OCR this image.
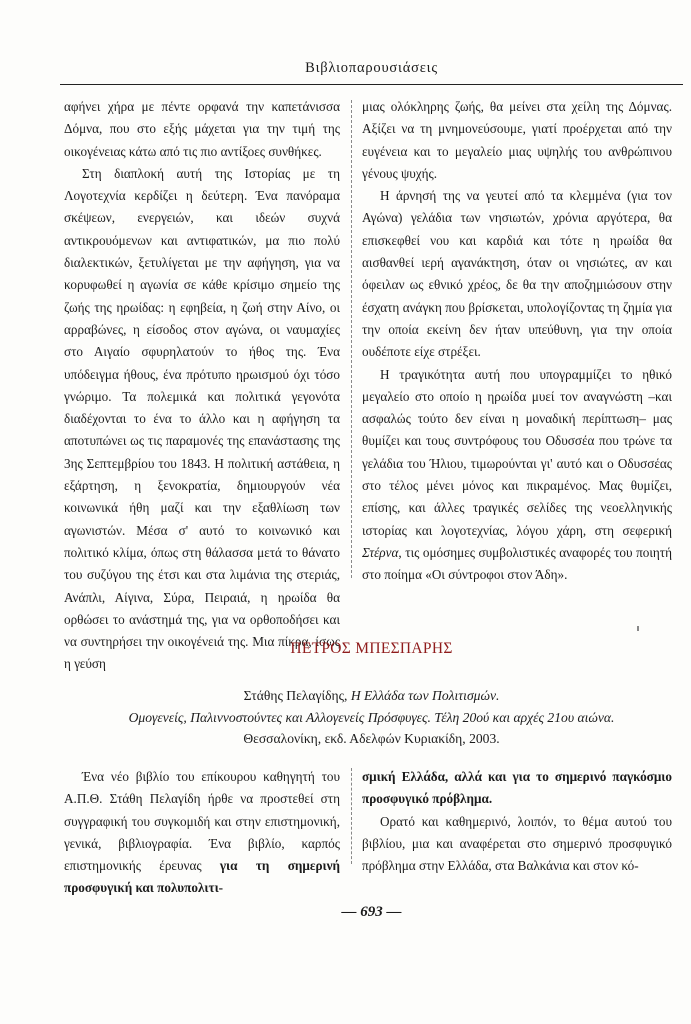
Βιβλιοπαρουσιάσεις

αφήνει χήρα με πέντε ορφανά την καπετάνισσα Δόμνα, που στο εξής μάχεται για την τιμή της οικογένειας κάτω από τις πιο αντίξοες συνθήκες.

Στη διαπλοκή αυτή της Ιστορίας με τη Λογοτεχνία κερδίζει η δεύτερη. Ένα πανόραμα σκέψεων, ενεργειών, και ιδεών συχνά αντικρουόμενων και αντιφατικών, μα πιο πολύ διαλεκτικών, ξετυλίγεται με την αφήγηση, για να κορυφωθεί η αγωνία σε κάθε κρίσιμο σημείο της ζωής της ηρωίδας: η εφηβεία, η ζωή στην Αίνο, οι αρραβώνες, η είσοδος στον αγώνα, οι ναυμαχίες στο Αιγαίο σφυρηλατούν το ήθος της. Ένα υπόδειγμα ήθους, ένα πρότυπο ηρωισμού όχι τόσο γνώριμο. Τα πολεμικά και πολιτικά γεγονότα διαδέχονται το ένα το άλλο και η αφήγηση τα αποτυπώνει ως τις παραμονές της επανάστασης της 3ης Σεπτεμβρίου του 1843. Η πολιτική αστάθεια, η εξάρτηση, η ξενοκρατία, δημιουργούν νέα κοινωνικά ήθη μαζί και την εξαθλίωση των αγωνιστών. Μέσα σ' αυτό το κοινωνικό και πολιτικό κλίμα, όπως στη θάλασσα μετά το θάνατο του συζύγου της έτσι και στα λιμάνια της στεριάς, Ανάπλι, Αίγινα, Σύρα, Πειραιά, η ηρωίδα θα ορθώσει το ανάστημά της, για να ορθοποδήσει και να συντηρήσει την οικογένειά της. Μια πίκρα, ίσως η γεύση

μιας ολόκληρης ζωής, θα μείνει στα χείλη της Δόμνας. Αξίζει να τη μνημονεύσουμε, γιατί προέρχεται από την ευγένεια και το μεγαλείο μιας υψηλής του ανθρώπινου γένους ψυχής.

Η άρνησή της να γευτεί από τα κλεμμένα (για τον Αγώνα) γελάδια των νησιωτών, χρόνια αργότερα, θα επισκεφθεί νου και καρδιά και τότε η ηρωίδα θα αισθανθεί ιερή αγανάκτηση, όταν οι νησιώτες, αν και όφειλαν ως εθνικό χρέος, δε θα την αποζημιώσουν στην έσχατη ανάγκη που βρίσκεται, υπολογίζοντας τη ζημία για την οποία εκείνη δεν ήταν υπεύθυνη, για την οποία ουδέποτε είχε στρέξει.

Η τραγικότητα αυτή που υπογραμμίζει το ηθικό μεγαλείο στο οποίο η ηρωίδα μυεί τον αναγνώστη –και ασφαλώς τούτο δεν είναι η μοναδική περίπτωση– μας θυμίζει και τους συντρόφους του Οδυσσέα που τρώνε τα γελάδια του Ήλιου, τιμωρούνται γι' αυτό και ο Οδυσσέας στο τέλος μένει μόνος και πικραμένος. Μας θυμίζει, επίσης, και άλλες τραγικές σελίδες της νεοελληνικής ιστορίας και λογοτεχνίας, λόγου χάρη, στη σεφερική Στέρνα, τις ομόσημες συμβολιστικές αναφορές του ποιητή στο ποίημα «Οι σύντροφοι στον Άδη».

ΠΕΤΡΟΣ ΜΠΕΣΠΑΡΗΣ
Στάθης Πελαγίδης, Η Ελλάδα των Πολιτισμών.
Ομογενείς, Παλιννοστούντες και Αλλογενείς Πρόσφυγες. Τέλη 20ού και αρχές 21ου αιώνα.
Θεσσαλονίκη, εκδ. Αδελφών Κυριακίδη, 2003.

Ένα νέο βιβλίο του επίκουρου καθηγητή του Α.Π.Θ. Στάθη Πελαγίδη ήρθε να προστεθεί στη συγγραφική του συγκομιδή και στην επιστημονική, γενικά, βιβλιογραφία. Ένα βιβλίο, καρπός επιστημονικής έρευνας για τη σημερινή προσφυγική και πολυπολιτι-

σμική Ελλάδα, αλλά και για το σημερινό παγκόσμιο προσφυγικό πρόβλημα.

Ορατό και καθημερινό, λοιπόν, το θέμα αυτού του βιβλίου, μια και αναφέρεται στο σημερινό προσφυγικό πρόβλημα στην Ελλάδα, στα Βαλκάνια και στον κό-

— 693 —
